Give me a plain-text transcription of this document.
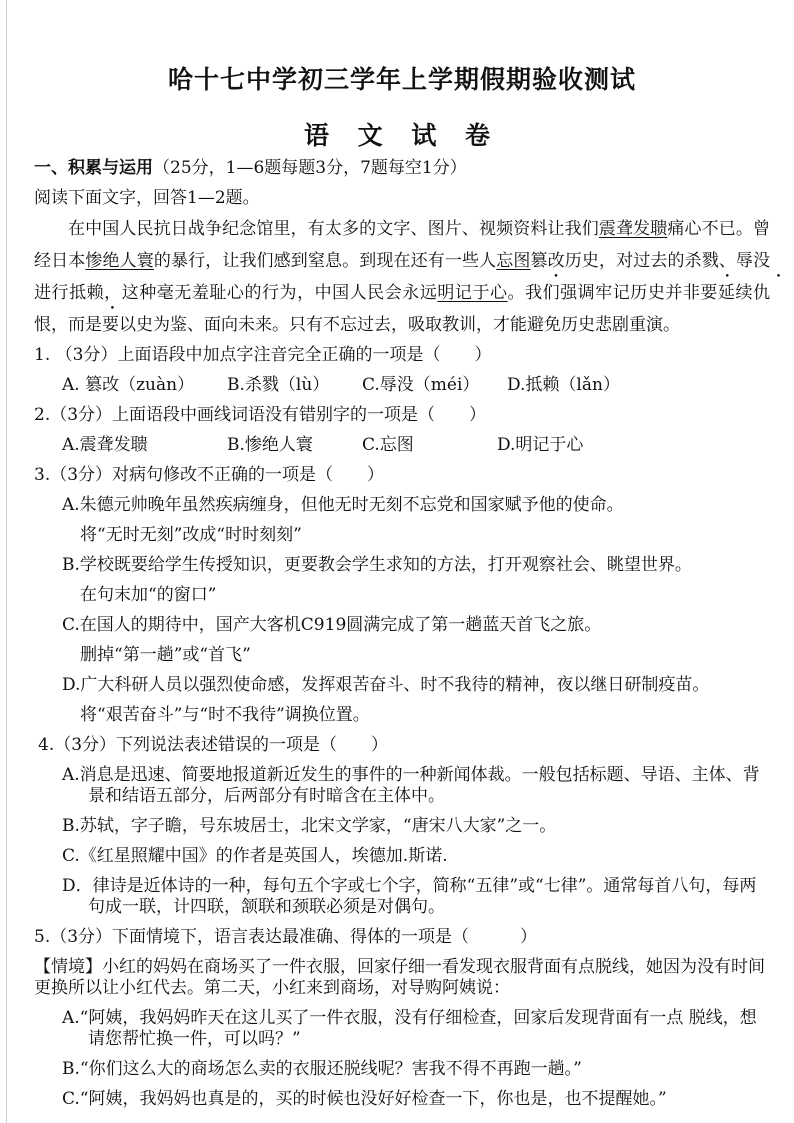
哈十七中学初三学年上学期假期验收测试
语 文 试 卷
一、积累与运用（25分，1—6题每题3分，7题每空1分）
阅读下面文字，回答1—2题。

在中国人民抗日战争纪念馆里，有太多的文字、图片、视频资料让我们震聋发聩痛心不已。曾经日本惨绝人寰的暴行，让我们感到窒息。到现在还有一些人忘图篡改历史，对过去的杀戮、辱没进行抵赖，这种毫无羞耻心的行为，中国人民会永远明记于心。我们强调牢记历史并非要延续仇恨，而是要以史为鉴、面向未来。只有不忘过去，吸取教训，才能避免历史悲剧重演。

1. （3分）上面语段中加点字注音完全正确的一项是（　　）
A. 篡改（zuàn）	B.杀戮（lù）	C.辱没（méi）	D.抵赖（lǎn）
2.（3分）上面语段中画线词语没有错别字的一项是（　　）
A.震聋发聩	B.惨绝人寰	C.忘图	D.明记于心
3.（3分）对病句修改不正确的一项是（　　）
A.朱德元帅晚年虽然疾病缠身，但他无时无刻不忘党和国家赋予他的使命。
将“无时无刻”改成“时时刻刻”
B.学校既要给学生传授知识，更要教会学生求知的方法，打开观察社会、眺望世界。
在句末加“的窗口”
C.在国人的期待中，国产大客机C919圆满完成了第一趟蓝天首飞之旅。
删掉“第一趟”或“首飞”
D.广大科研人员以强烈使命感，发挥艰苦奋斗、时不我待的精神，夜以继日研制疫苗。
将“艰苦奋斗”与“时不我待”调换位置。
4.（3分）下列说法表述错误的一项是（　　）
A.消息是迅速、简要地报道新近发生的事件的一种新闻体裁。一般包括标题、导语、主体、背景和结语五部分，后两部分有时暗含在主体中。
B.苏轼，字子瞻，号东坡居士，北宋文学家，“唐宋八大家”之一。
C.《红星照耀中国》的作者是英国人，埃德加.斯诺.
D．律诗是近体诗的一种，每句五个字或七个字，简称“五律”或“七律”。通常每首八句，每两句成一联，计四联，颔联和颈联必须是对偶句。
5.（3分）下面情境下，语言表达最准确、得体的一项是（　　　）
【情境】小红的妈妈在商场买了一件衣服，回家仔细一看发现衣服背面有点脱线，她因为没有时间更换所以让小红代去。第二天，小红来到商场，对导购阿姨说：
A.“阿姨，我妈妈昨天在这儿买了一件衣服，没有仔细检查，回家后发现背面有一点 脱线，想请您帮忙换一件，可以吗？”
B.“你们这么大的商场怎么卖的衣服还脱线呢？害我不得不再跑一趟。”
C.“阿姨，我妈妈也真是的，买的时候也没好好检查一下，你也是，也不提醒她。”
